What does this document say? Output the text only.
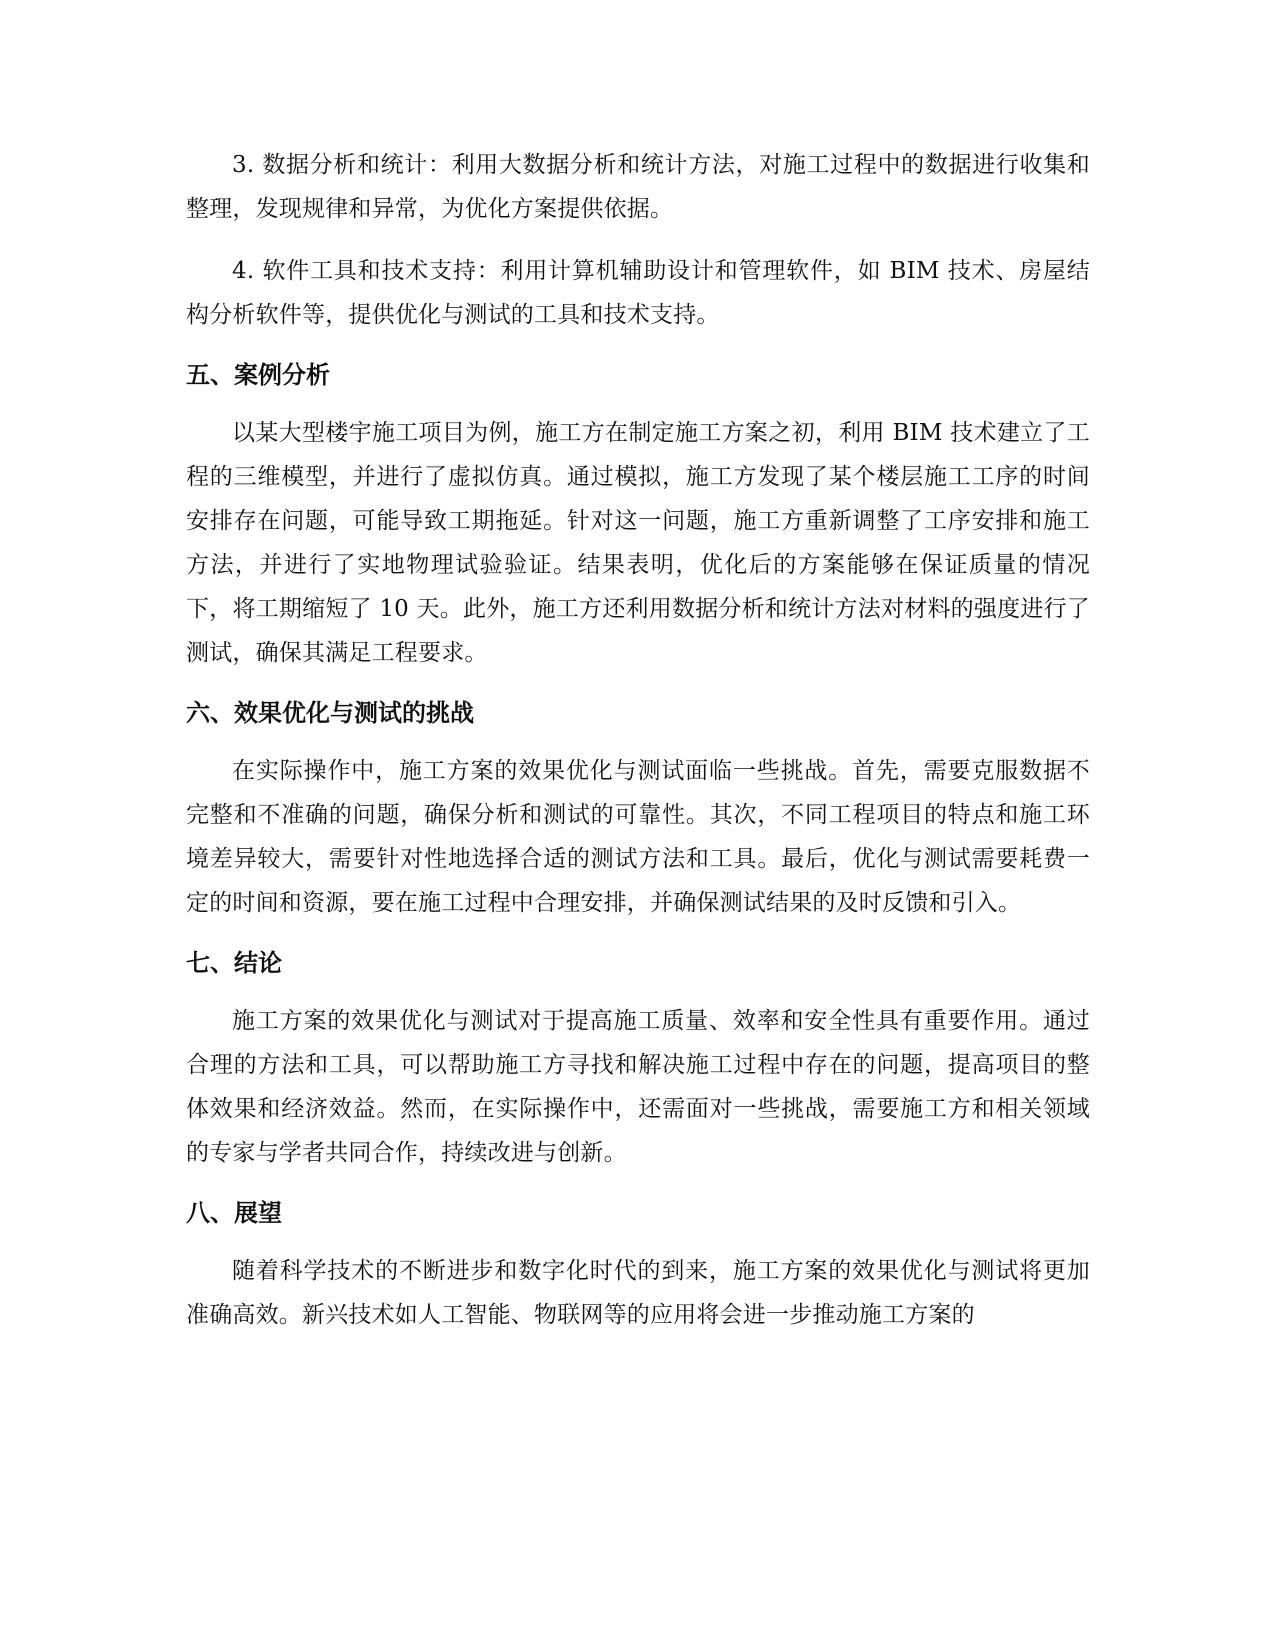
3. 数据分析和统计：利用大数据分析和统计方法，对施工过程中的数据进行收集和整理，发现规律和异常，为优化方案提供依据。

4. 软件工具和技术支持：利用计算机辅助设计和管理软件，如 BIM 技术、房屋结构分析软件等，提供优化与测试的工具和技术支持。

五、案例分析

以某大型楼宇施工项目为例，施工方在制定施工方案之初，利用 BIM 技术建立了工程的三维模型，并进行了虚拟仿真。通过模拟，施工方发现了某个楼层施工工序的时间安排存在问题，可能导致工期拖延。针对这一问题，施工方重新调整了工序安排和施工方法，并进行了实地物理试验验证。结果表明，优化后的方案能够在保证质量的情况下，将工期缩短了 10 天。此外，施工方还利用数据分析和统计方法对材料的强度进行了测试，确保其满足工程要求。

六、效果优化与测试的挑战

在实际操作中，施工方案的效果优化与测试面临一些挑战。首先，需要克服数据不完整和不准确的问题，确保分析和测试的可靠性。其次，不同工程项目的特点和施工环境差异较大，需要针对性地选择合适的测试方法和工具。最后，优化与测试需要耗费一定的时间和资源，要在施工过程中合理安排，并确保测试结果的及时反馈和引入。

七、结论

施工方案的效果优化与测试对于提高施工质量、效率和安全性具有重要作用。通过合理的方法和工具，可以帮助施工方寻找和解决施工过程中存在的问题，提高项目的整体效果和经济效益。然而，在实际操作中，还需面对一些挑战，需要施工方和相关领域的专家与学者共同合作，持续改进与创新。

八、展望

随着科学技术的不断进步和数字化时代的到来，施工方案的效果优化与测试将更加准确高效。新兴技术如人工智能、物联网等的应用将会进一步推动施工方案的
